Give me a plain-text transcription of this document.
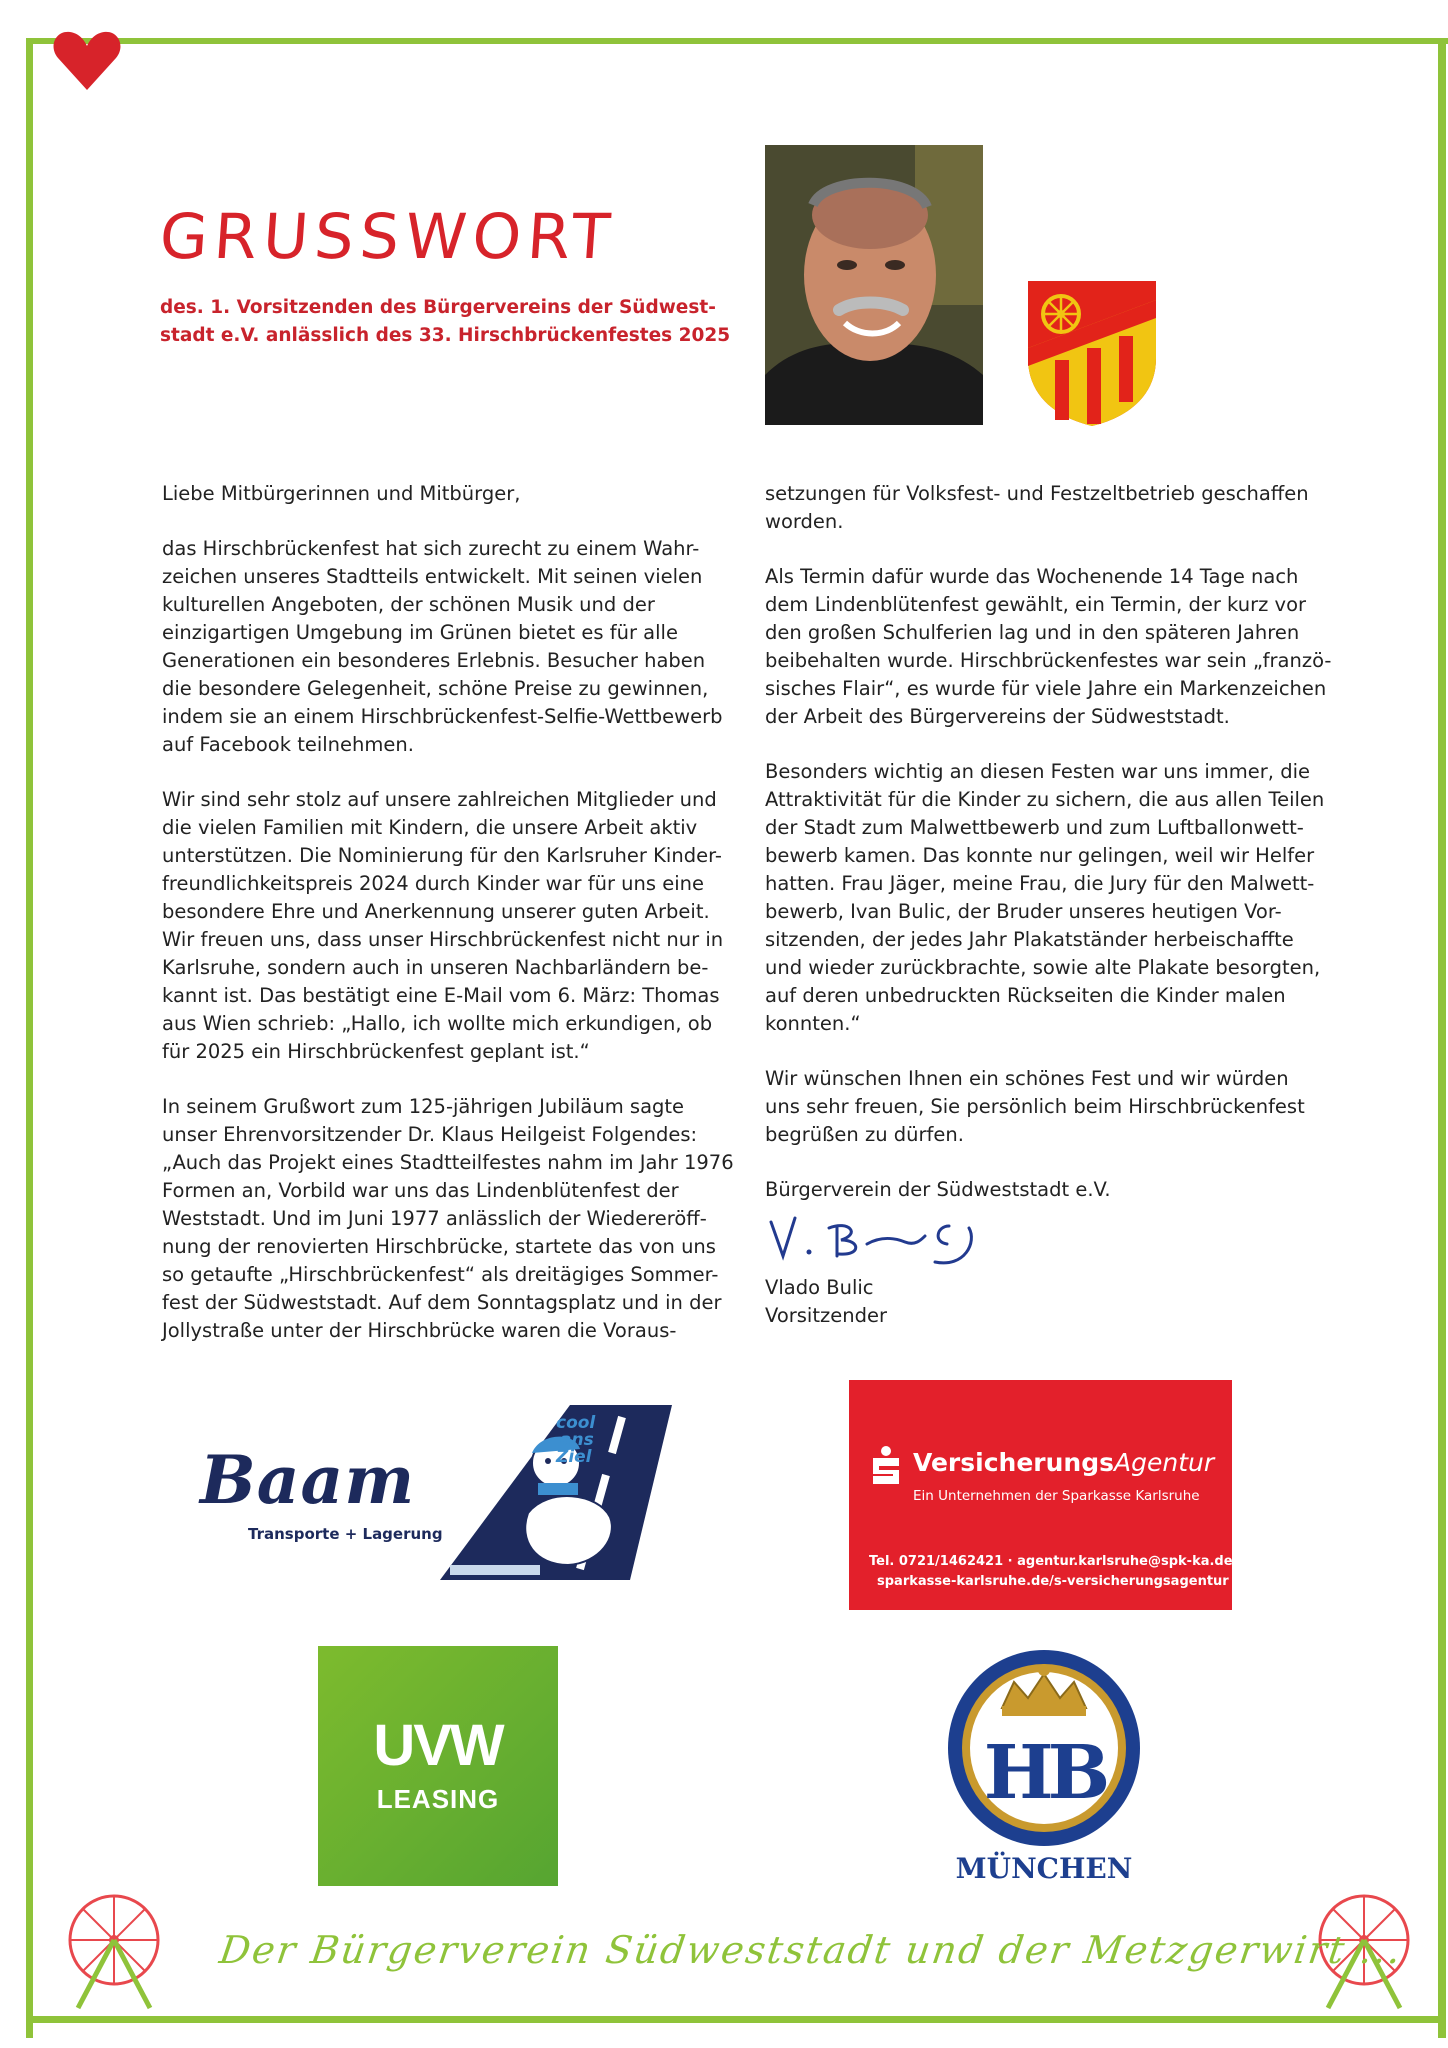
GRUSSWORT
des. 1. Vorsitzenden des Bürgervereins der Südwest-
stadt e.V. anlässlich des 33. Hirschbrückenfestes 2025

Liebe Mitbürgerinnen und Mitbürger,

das Hirschbrückenfest hat sich zurecht zu einem Wahr-
zeichen unseres Stadtteils entwickelt. Mit seinen vielen
kulturellen Angeboten, der schönen Musik und der
einzigartigen Umgebung im Grünen bietet es für alle
Generationen ein besonderes Erlebnis. Besucher haben
die besondere Gelegenheit, schöne Preise zu gewinnen,
indem sie an einem Hirschbrückenfest-Selfie-Wettbewerb
auf Facebook teilnehmen.

Wir sind sehr stolz auf unsere zahlreichen Mitglieder und
die vielen Familien mit Kindern, die unsere Arbeit aktiv
unterstützen. Die Nominierung für den Karlsruher Kinder-
freundlichkeitspreis 2024 durch Kinder war für uns eine
besondere Ehre und Anerkennung unserer guten Arbeit.
Wir freuen uns, dass unser Hirschbrückenfest nicht nur in
Karlsruhe, sondern auch in unseren Nachbarländern be-
kannt ist. Das bestätigt eine E-Mail vom 6. März: Thomas
aus Wien schrieb: „Hallo, ich wollte mich erkundigen, ob
für 2025 ein Hirschbrückenfest geplant ist.“

In seinem Grußwort zum 125-jährigen Jubiläum sagte
unser Ehrenvorsitzender Dr. Klaus Heilgeist Folgendes:
„Auch das Projekt eines Stadtteilfestes nahm im Jahr 1976
Formen an, Vorbild war uns das Lindenblütenfest der
Weststadt. Und im Juni 1977 anlässlich der Wiedereröff-
nung der renovierten Hirschbrücke, startete das von uns
so getaufte „Hirschbrückenfest“ als dreitägiges Sommer-
fest der Südweststadt. Auf dem Sonntagsplatz und in der
Jollystraße unter der Hirschbrücke waren die Voraus-

setzungen für Volksfest- und Festzeltbetrieb geschaffen
worden.

Als Termin dafür wurde das Wochenende 14 Tage nach
dem Lindenblütenfest gewählt, ein Termin, der kurz vor
den großen Schulferien lag und in den späteren Jahren
beibehalten wurde. Hirschbrückenfestes war sein „franzö-
sisches Flair“, es wurde für viele Jahre ein Markenzeichen
der Arbeit des Bürgervereins der Südweststadt.

Besonders wichtig an diesen Festen war uns immer, die
Attraktivität für die Kinder zu sichern, die aus allen Teilen
der Stadt zum Malwettbewerb und zum Luftballonwett-
bewerb kamen. Das konnte nur gelingen, weil wir Helfer
hatten. Frau Jäger, meine Frau, die Jury für den Malwett-
bewerb, Ivan Bulic, der Bruder unseres heutigen Vor-
sitzenden, der jedes Jahr Plakatständer herbeischaffte
und wieder zurückbrachte, sowie alte Plakate besorgten,
auf deren unbedruckten Rückseiten die Kinder malen
konnten.“

Wir wünschen Ihnen ein schönes Fest und wir würden
uns sehr freuen, Sie persönlich beim Hirschbrückenfest
begrüßen zu dürfen.

Bürgerverein der Südweststadt e.V.

Vlado Bulic
Vorsitzender
cool
ans
Ziel
Baam
Transporte + Lagerung
VersicherungsAgentur
Ein Unternehmen der Sparkasse Karlsruhe
Tel. 0721/1462421 · agentur.karlsruhe@spk-ka.de
sparkasse-karlsruhe.de/s-versicherungsagentur
UVW
LEASING	HB
MÜNCHEN
Der Bürgerverein Südweststadt und der Metzgerwirt ...
